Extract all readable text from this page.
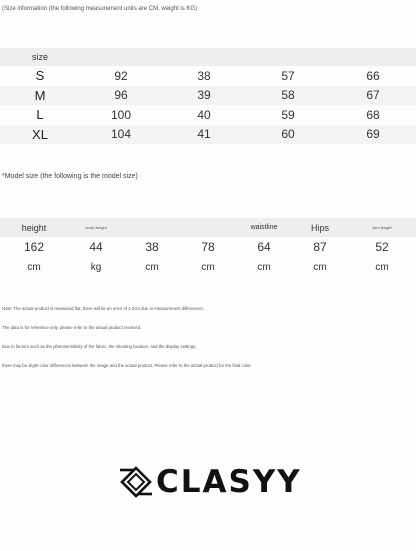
(Size information (the following measurement units are CM, weight is KG)
size				
S	92	38	57	66
M	96	39	58	67
L	100	40	59	68
XL	104	41	60	69
*Model size (the following is the model size)
height	body weight			waistline	Hips	Arm length
162	44	38	78	64	87	52
cm	kg	cm	cm	cm	cm	cm
Note: The actual product is measured flat, there will be an error of 1-3cm due to measurement differences;
The data is for reference only, please refer to the actual product received.
Due to factors such as the photosensitivity of the fabric, the shooting location, and the display settings,
there may be slight color differences between the image and the actual product. Please refer to the actual product for the final color.
CLASYY
